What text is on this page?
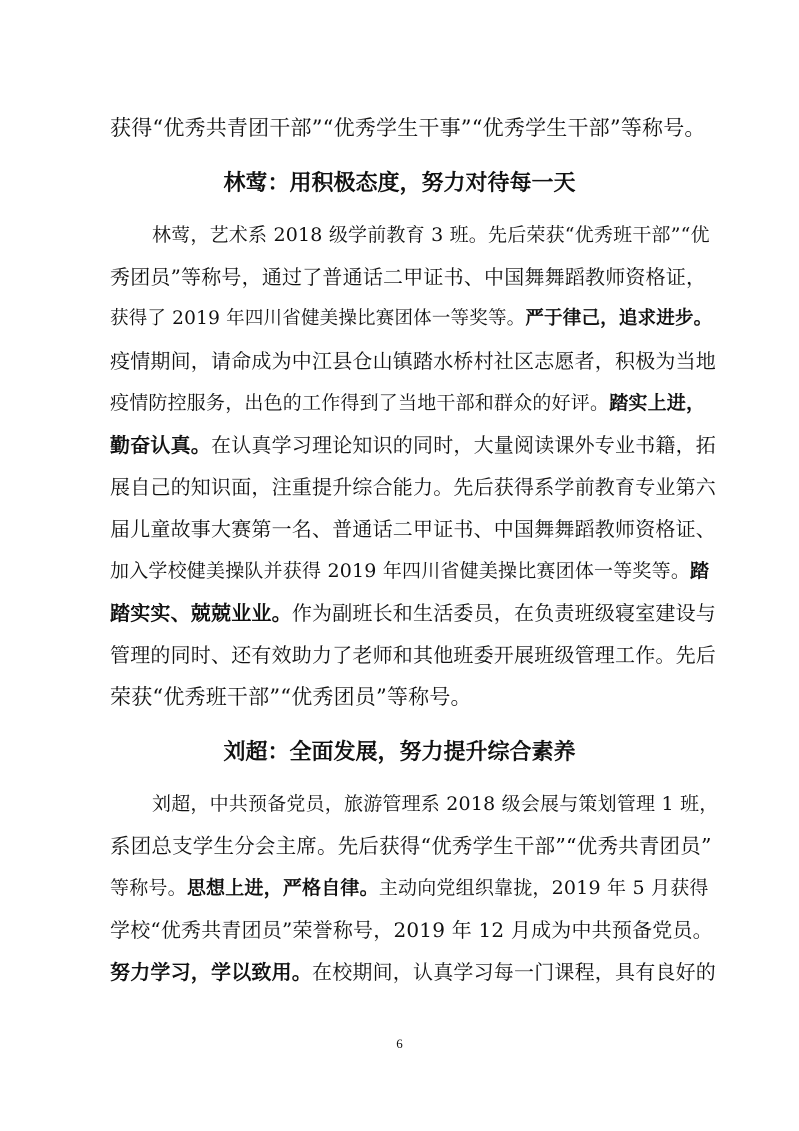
获得“优秀共青团干部”“优秀学生干事”“优秀学生干部”等称号。
林莺：用积极态度，努力对待每一天
林莺，艺术系 2018 级学前教育 3 班。先后荣获“优秀班干部”“优
秀团员”等称号，通过了普通话二甲证书、中国舞舞蹈教师资格证，
获得了 2019 年四川省健美操比赛团体一等奖等。严于律己，追求进步。
疫情期间，请命成为中江县仓山镇踏水桥村社区志愿者，积极为当地
疫情防控服务，出色的工作得到了当地干部和群众的好评。踏实上进，
勤奋认真。在认真学习理论知识的同时，大量阅读课外专业书籍，拓
展自己的知识面，注重提升综合能力。先后获得系学前教育专业第六
届儿童故事大赛第一名、普通话二甲证书、中国舞舞蹈教师资格证、
加入学校健美操队并获得 2019 年四川省健美操比赛团体一等奖等。踏
踏实实、兢兢业业。作为副班长和生活委员，在负责班级寝室建设与
管理的同时、还有效助力了老师和其他班委开展班级管理工作。先后
荣获“优秀班干部”“优秀团员”等称号。
刘超：全面发展，努力提升综合素养
刘超，中共预备党员，旅游管理系 2018 级会展与策划管理 1 班，
系团总支学生分会主席。先后获得“优秀学生干部”“优秀共青团员”
等称号。思想上进，严格自律。主动向党组织靠拢，2019 年 5 月获得
学校“优秀共青团员”荣誉称号，2019 年 12 月成为中共预备党员。
努力学习，学以致用。在校期间，认真学习每一门课程，具有良好的
6
